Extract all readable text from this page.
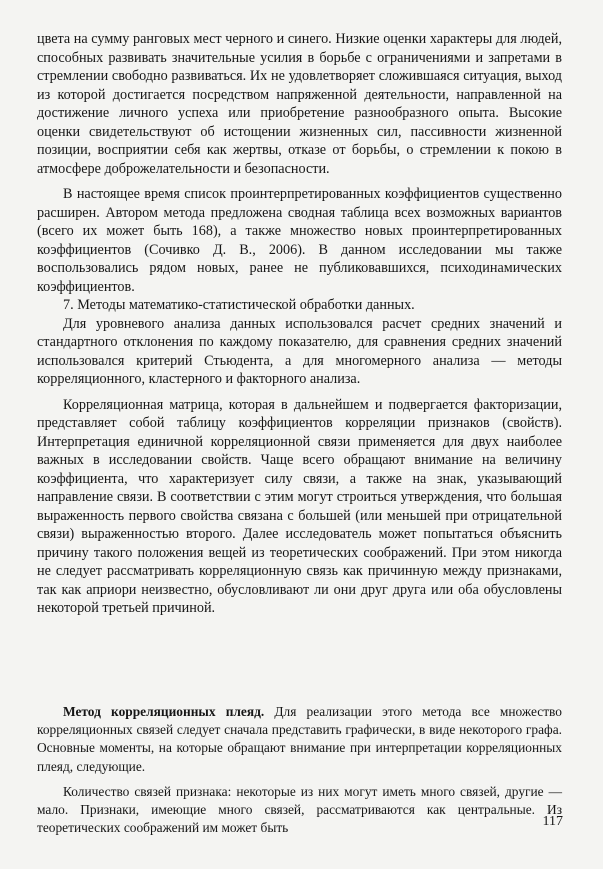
цвета на сумму ранговых мест черного и синего. Низкие оценки характеры для людей, способных развивать значительные усилия в борьбе с ограничениями и запретами в стремлении свободно развиваться. Их не удовлетворяет сложившаяся ситуация, выход из которой достигается посредством напряженной деятельности, направленной на достижение личного успеха или приобретение разнообразного опыта. Высокие оценки свидетельствуют об истощении жизненных сил, пассивности жизненной позиции, восприятии себя как жертвы, отказе от борьбы, о стремлении к покою в атмосфере доброжелательности и безопасности.

В настоящее время список проинтерпретированных коэффициентов существенно расширен. Автором метода предложена сводная таблица всех возможных вариантов (всего их может быть 168), а также множество новых проинтерпретированных коэффициентов (Сочивко Д. В., 2006). В данном исследовании мы также воспользовались рядом новых, ранее не публиковавшихся, психодинамических коэффициентов.

7. Методы математико-статистической обработки данных.

Для уровневого анализа данных использовался расчет средних значений и стандартного отклонения по каждому показателю, для сравнения средних значений использовался критерий Стьюдента, а для многомерного анализа — методы корреляционного, кластерного и факторного анализа.

Корреляционная матрица, которая в дальнейшем и подвергается факторизации, представляет собой таблицу коэффициентов корреляции признаков (свойств). Интерпретация единичной корреляционной связи применяется для двух наиболее важных в исследовании свойств. Чаще всего обращают внимание на величину коэффициента, что характеризует силу связи, а также на знак, указывающий направление связи. В соответствии с этим могут строиться утверждения, что большая выраженность первого свойства связана с большей (или меньшей при отрицательной связи) выраженностью второго. Далее исследователь может попытаться объяснить причину такого положения вещей из теоретических соображений. При этом никогда не следует рассматривать корреляционную связь как причинную между признаками, так как априори неизвестно, обусловливают ли они друг друга или оба обусловлены некоторой третьей причиной.

Метод корреляционных плеяд. Для реализации этого метода все множество корреляционных связей следует сначала представить графически, в виде некоторого графа. Основные моменты, на которые обращают внимание при интерпретации корреляционных плеяд, следующие.

Количество связей признака: некоторые из них могут иметь много связей, другие — мало. Признаки, имеющие много связей, рассматриваются как центральные. Из теоретических соображений им может быть	117
